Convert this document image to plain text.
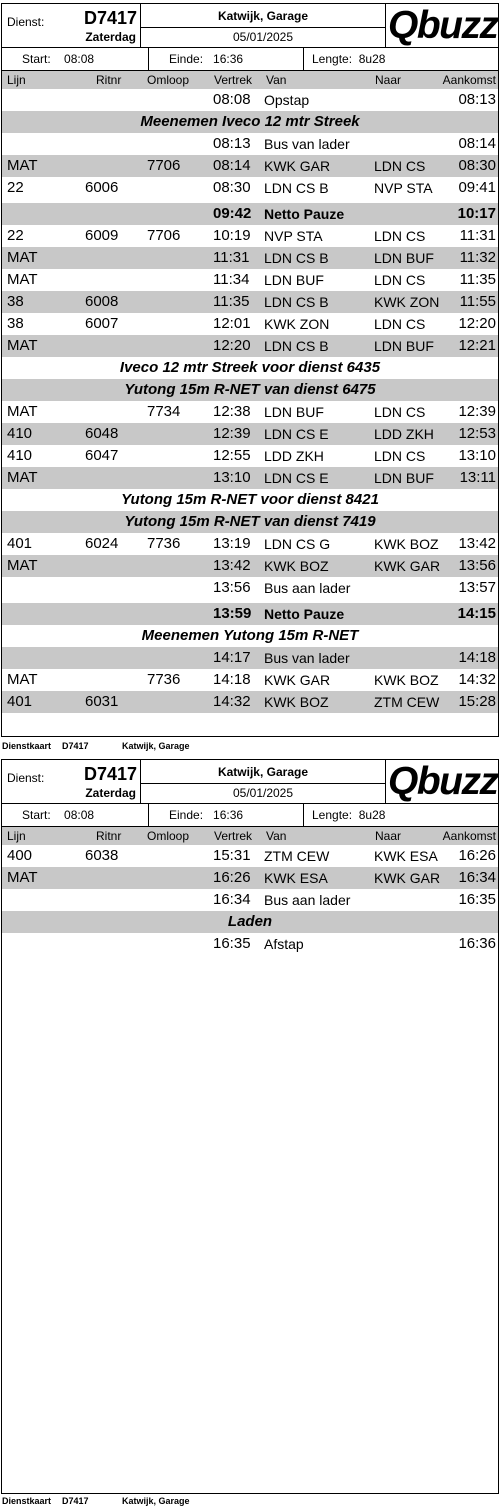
Dienst: D7417
Zaterdag
Katwijk, Garage
05/01/2025	Qbuzz
Start: 08:08	Einde: 16:36	Lengte: 8u28
Lijn	Ritnr Omloop Vertrek Van	Naar	Aankomst
08:08 Opstap	08:13
Meenemen Iveco 12 mtr Streek
08:13 Bus van lader	08:14
MAT	7706 08:14 KWK GAR	LDN CS 08:30
22	6006	08:30 LDN CS B	NVP STA 09:41
09:42 Netto Pauze	10:17
22	6009 7706 10:19 NVP STA	LDN CS 11:31
MAT	11:31 LDN CS B	LDN BUF 11:32
MAT	11:34 LDN BUF	LDN CS 11:35
38	6008	11:35 LDN CS B	KWK ZON 11:55
38	6007	12:01 KWK ZON	LDN CS 12:20
MAT	12:20 LDN CS B	LDN BUF 12:21
Iveco 12 mtr Streek voor dienst 6435
Yutong 15m R-NET van dienst 6475
MAT	7734 12:38 LDN BUF	LDN CS 12:39
410	6048	12:39 LDN CS E	LDD ZKH 12:53
410	6047	12:55 LDD ZKH	LDN CS 13:10
MAT	13:10 LDN CS E	LDN BUF 13:11
Yutong 15m R-NET voor dienst 8421
Yutong 15m R-NET van dienst 7419
401	6024 7736 13:19 LDN CS G	KWK BOZ 13:42
MAT	13:42 KWK BOZ	KWK GAR 13:56
13:56 Bus aan lader	13:57
13:59 Netto Pauze	14:15
Meenemen Yutong 15m R-NET
14:17 Bus van lader	14:18
MAT	7736 14:18 KWK GAR	KWK BOZ 14:32
401	6031	14:32 KWK BOZ	ZTM CEW 15:28
Dienstkaart D7417	Katwijk, Garage
Dienst: D7417
Zaterdag
Katwijk, Garage
05/01/2025	Qbuzz
Start: 08:08	Einde: 16:36	Lengte: 8u28
Lijn	Ritnr Omloop Vertrek Van	Naar	Aankomst
400	6038	15:31 ZTM CEW	KWK ESA 16:26
MAT	16:26 KWK ESA	KWK GAR 16:34
16:34 Bus aan lader	16:35
Laden
16:35 Afstap	16:36
Dienstkaart D7417	Katwijk, Garage
